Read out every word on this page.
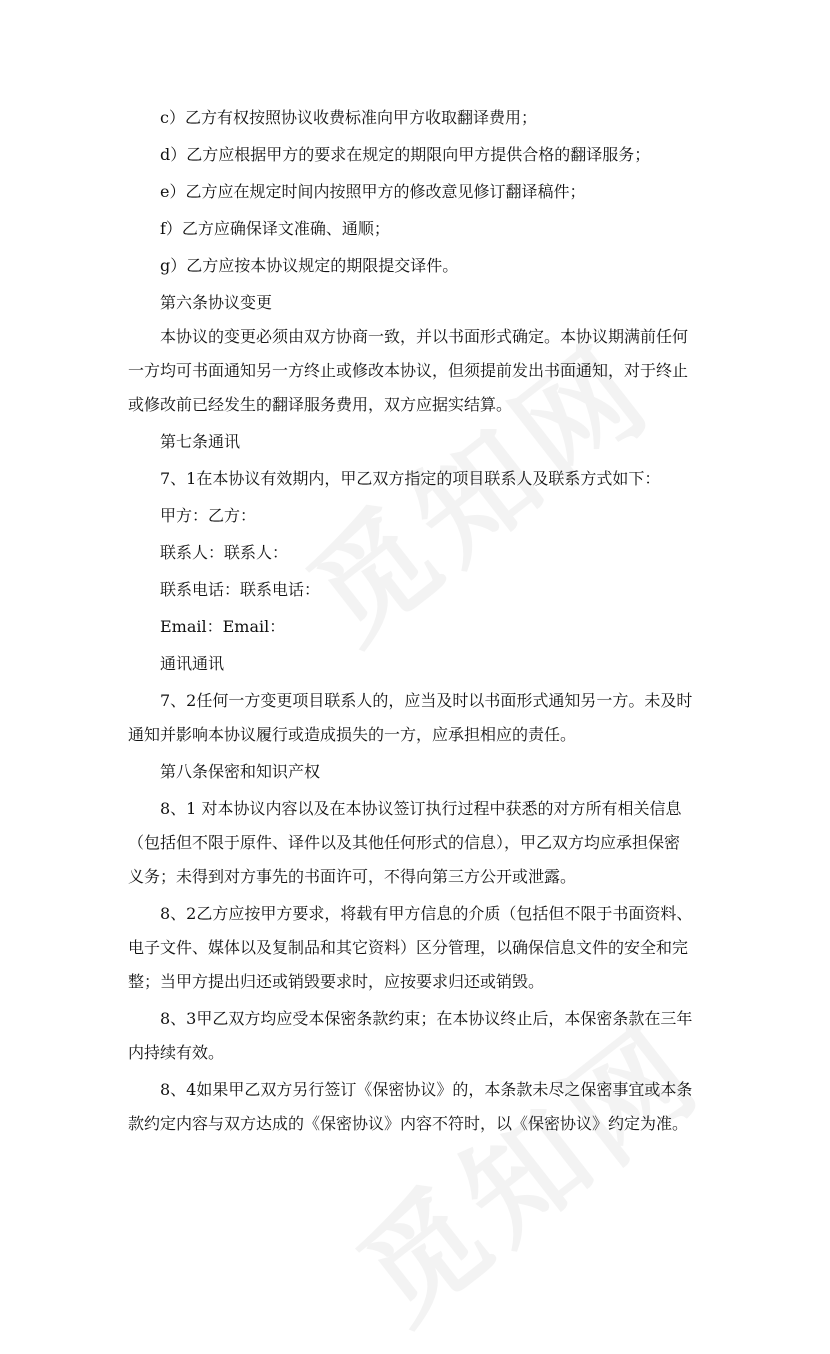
c）乙方有权按照协议收费标准向甲方收取翻译费用；

d）乙方应根据甲方的要求在规定的期限向甲方提供合格的翻译服务；

e）乙方应在规定时间内按照甲方的修改意见修订翻译稿件；

f）乙方应确保译文准确、通顺；

g）乙方应按本协议规定的期限提交译件。

第六条协议变更

本协议的变更必须由双方协商一致，并以书面形式确定。本协议期满前任何

一方均可书面通知另一方终止或修改本协议，但须提前发出书面通知，对于终止

或修改前已经发生的翻译服务费用，双方应据实结算。

第七条通讯

7、1在本协议有效期内，甲乙双方指定的项目联系人及联系方式如下：

甲方：乙方：

联系人：联系人：

联系电话：联系电话：

Email：Email：

通讯通讯

7、2任何一方变更项目联系人的，应当及时以书面形式通知另一方。未及时

通知并影响本协议履行或造成损失的一方，应承担相应的责任。

第八条保密和知识产权

8、1 对本协议内容以及在本协议签订执行过程中获悉的对方所有相关信息

（包括但不限于原件、译件以及其他任何形式的信息），甲乙双方均应承担保密

义务；未得到对方事先的书面许可，不得向第三方公开或泄露。

8、2乙方应按甲方要求，将载有甲方信息的介质（包括但不限于书面资料、

电子文件、媒体以及复制品和其它资料）区分管理，以确保信息文件的安全和完

整；当甲方提出归还或销毁要求时，应按要求归还或销毁。

8、3甲乙双方均应受本保密条款约束；在本协议终止后，本保密条款在三年

内持续有效。

8、4如果甲乙双方另行签订《保密协议》的，本条款未尽之保密事宜或本条

款约定内容与双方达成的《保密协议》内容不符时，以《保密协议》约定为准。
